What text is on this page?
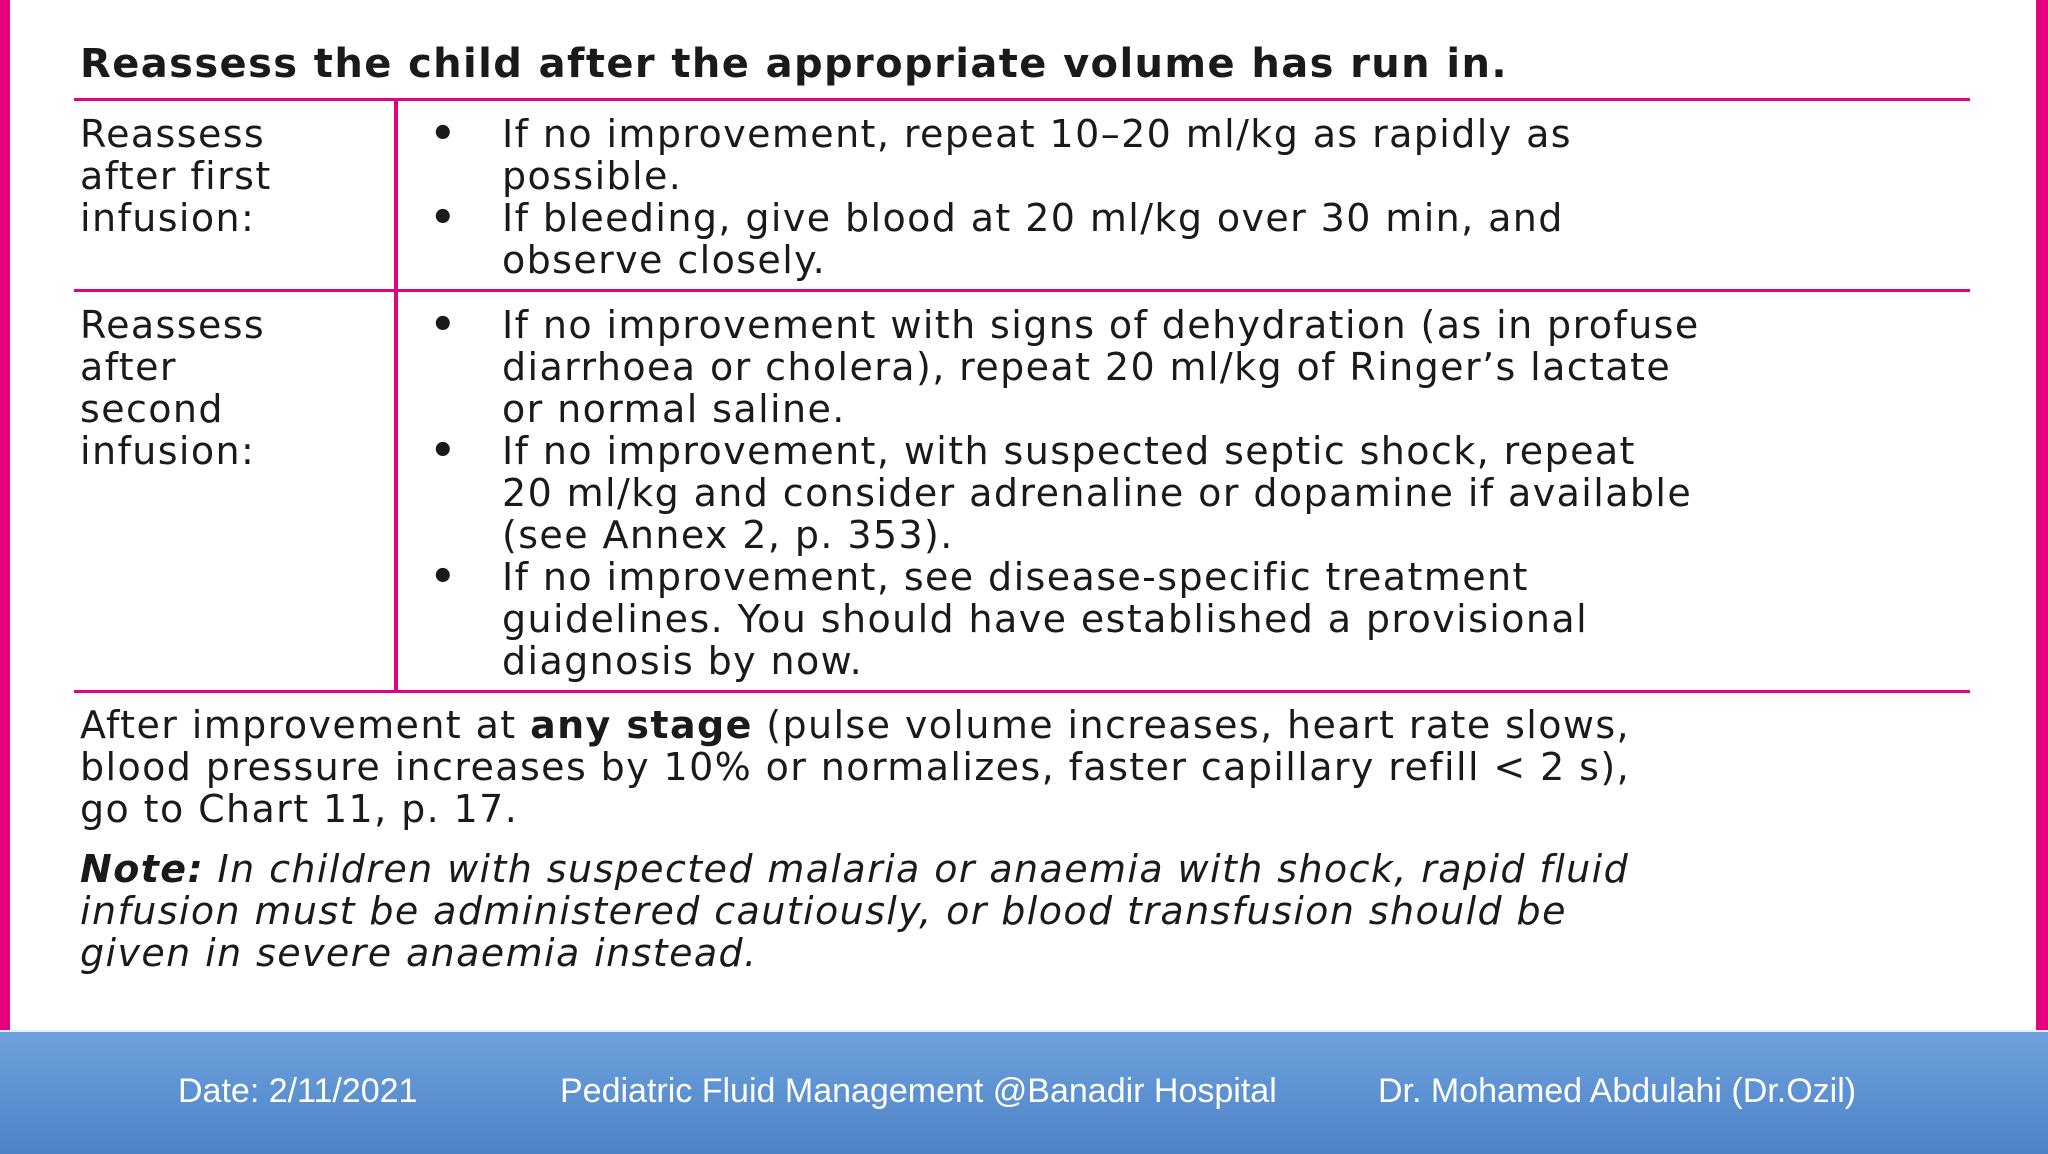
Reassess the child after the appropriate volume has run in.
Reassess
after first
infusion:
• If no improvement, repeat 10–20 ml/kg as rapidly as
possible.
• If bleeding, give blood at 20 ml/kg over 30 min, and
observe closely.
Reassess
after
second
infusion:
• If no improvement with signs of dehydration (as in profuse
diarrhoea or cholera), repeat 20 ml/kg of Ringer’s lactate
or normal saline.
• If no improvement, with suspected septic shock, repeat
20 ml/kg and consider adrenaline or dopamine if available
(see Annex 2, p. 353).
• If no improvement, see disease-specific treatment
guidelines. You should have established a provisional
diagnosis by now.
After improvement at any stage (pulse volume increases, heart rate slows,
blood pressure increases by 10% or normalizes, faster capillary refill < 2 s),
go to Chart 11, p. 17.
Note: In children with suspected malaria or anaemia with shock, rapid fluid
infusion must be administered cautiously, or blood transfusion should be
given in severe anaemia instead.
Date: 2/11/2021	Pediatric Fluid Management @Banadir Hospital	Dr. Mohamed Abdulahi (Dr.Ozil)
